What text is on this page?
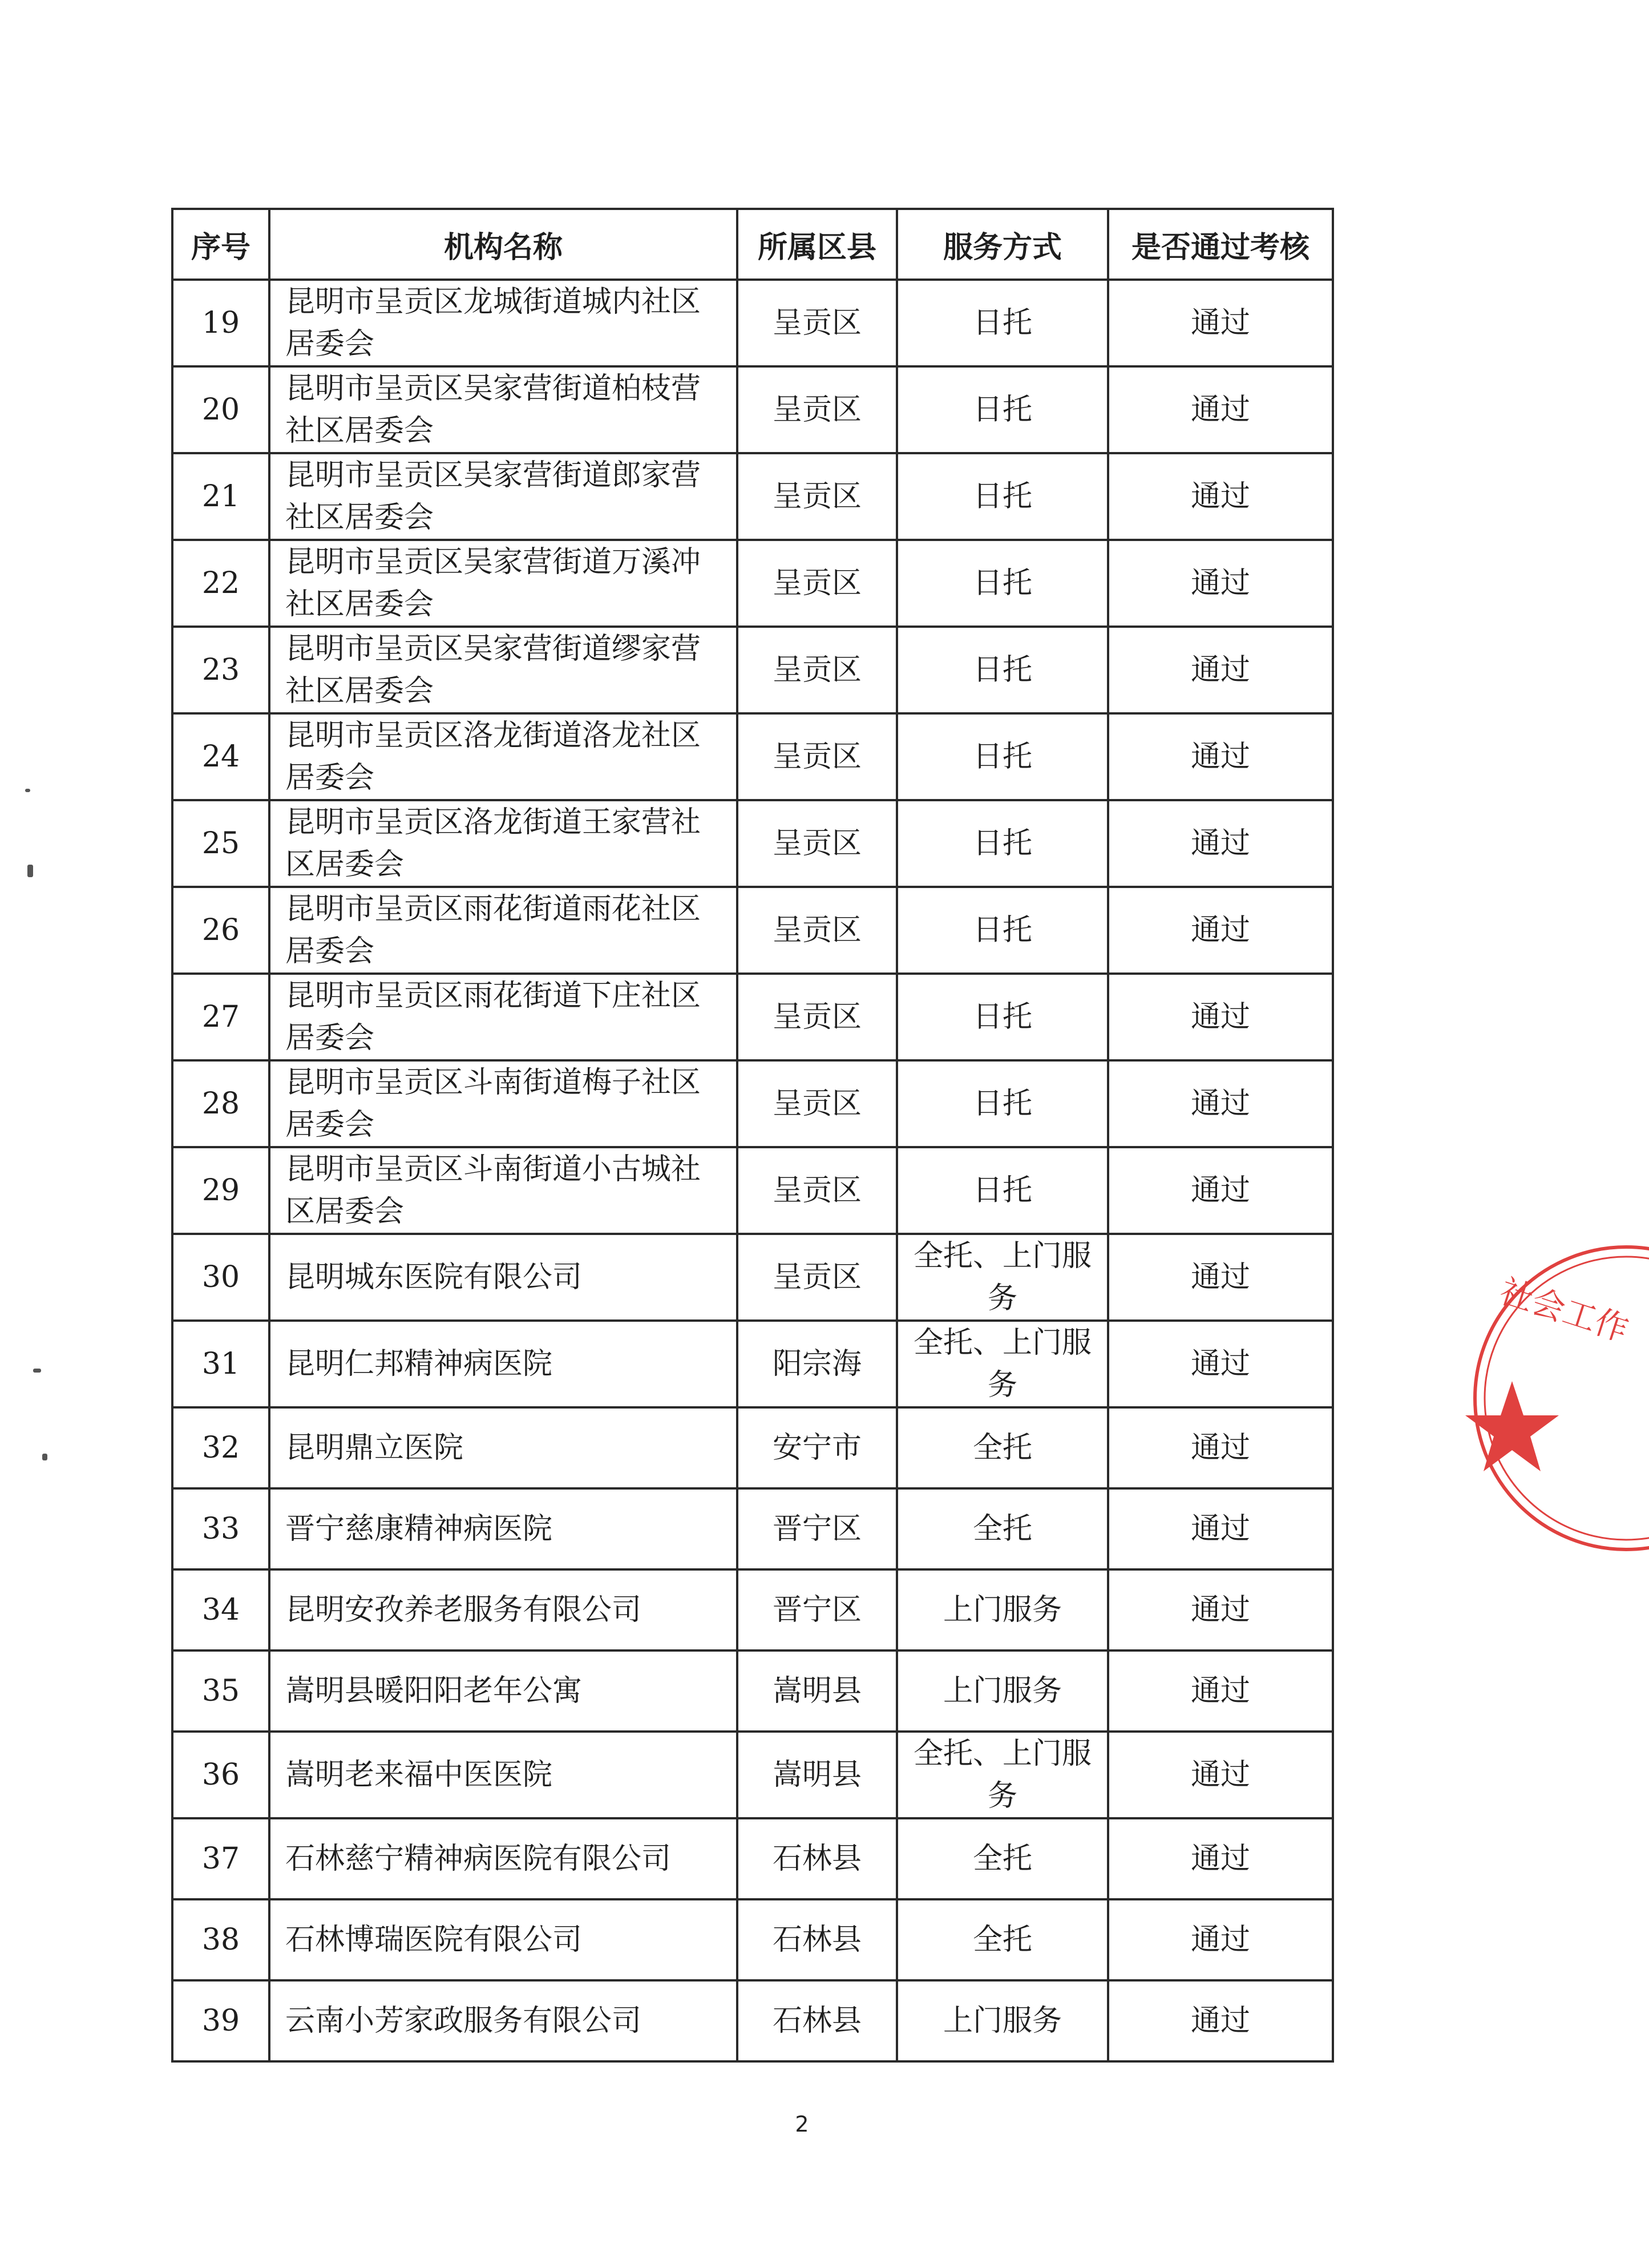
序号	机构名称	所属区县	服务方式	是否通过考核
19	昆明市呈贡区龙城街道城内社区居委会	呈贡区	日托	通过
20	昆明市呈贡区吴家营街道柏枝营社区居委会	呈贡区	日托	通过
21	昆明市呈贡区吴家营街道郎家营社区居委会	呈贡区	日托	通过
22	昆明市呈贡区吴家营街道万溪冲社区居委会	呈贡区	日托	通过
23	昆明市呈贡区吴家营街道缪家营社区居委会	呈贡区	日托	通过
24	昆明市呈贡区洛龙街道洛龙社区居委会	呈贡区	日托	通过
25	昆明市呈贡区洛龙街道王家营社区居委会	呈贡区	日托	通过
26	昆明市呈贡区雨花街道雨花社区居委会	呈贡区	日托	通过
27	昆明市呈贡区雨花街道下庄社区居委会	呈贡区	日托	通过
28	昆明市呈贡区斗南街道梅子社区居委会	呈贡区	日托	通过
29	昆明市呈贡区斗南街道小古城社区居委会	呈贡区	日托	通过
30	昆明城东医院有限公司	呈贡区	全托、上门服务	通过
31	昆明仁邦精神病医院	阳宗海	全托、上门服务	通过
32	昆明鼎立医院	安宁市	全托	通过
33	晋宁慈康精神病医院	晋宁区	全托	通过
34	昆明安孜养老服务有限公司	晋宁区	上门服务	通过
35	嵩明县暖阳阳老年公寓	嵩明县	上门服务	通过
36	嵩明老来福中医医院	嵩明县	全托、上门服务	通过
37	石林慈宁精神病医院有限公司	石林县	全托	通过
38	石林博瑞医院有限公司	石林县	全托	通过
39	云南小芳家政服务有限公司	石林县	上门服务	通过
社会工作
2
